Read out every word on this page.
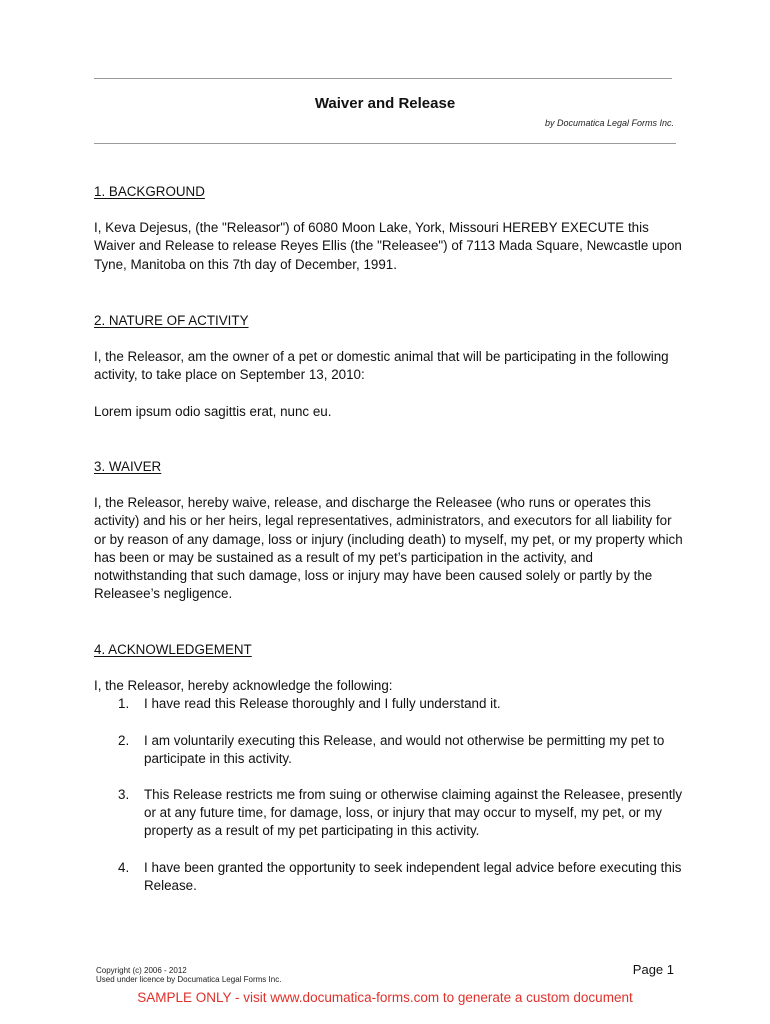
Waiver and Release
by Documatica Legal Forms Inc.
1. BACKGROUND

I, Keva Dejesus, (the "Releasor") of 6080 Moon Lake, York, Missouri HEREBY EXECUTE this Waiver and Release to release Reyes Ellis (the "Releasee") of 7113 Mada Square, Newcastle upon Tyne, Manitoba on this 7th day of December, 1991.

2. NATURE OF ACTIVITY

I, the Releasor, am the owner of a pet or domestic animal that will be participating in the following activity, to take place on September 13, 2010:

Lorem ipsum odio sagittis erat, nunc eu.

3. WAIVER

I, the Releasor, hereby waive, release, and discharge the Releasee (who runs or operates this activity) and his or her heirs, legal representatives, administrators, and executors for all liability for or by reason of any damage, loss or injury (including death) to myself, my pet, or my property which has been or may be sustained as a result of my pet’s participation in the activity, and notwithstanding that such damage, loss or injury may have been caused solely or partly by the Releasee’s negligence.

4. ACKNOWLEDGEMENT

I, the Releasor, hereby acknowledge the following:

1. I have read this Release thoroughly and I fully understand it.
2. I am voluntarily executing this Release, and would not otherwise be permitting my pet to participate in this activity.
3. This Release restricts me from suing or otherwise claiming against the Releasee, presently or at any future time, for damage, loss, or injury that may occur to myself, my pet, or my property as a result of my pet participating in this activity.
4. I have been granted the opportunity to seek independent legal advice before executing this Release.
Copyright (c) 2006 - 2012
Used under licence by Documatica Legal Forms Inc.
Page 1
SAMPLE ONLY - visit www.documatica-forms.com to generate a custom document
